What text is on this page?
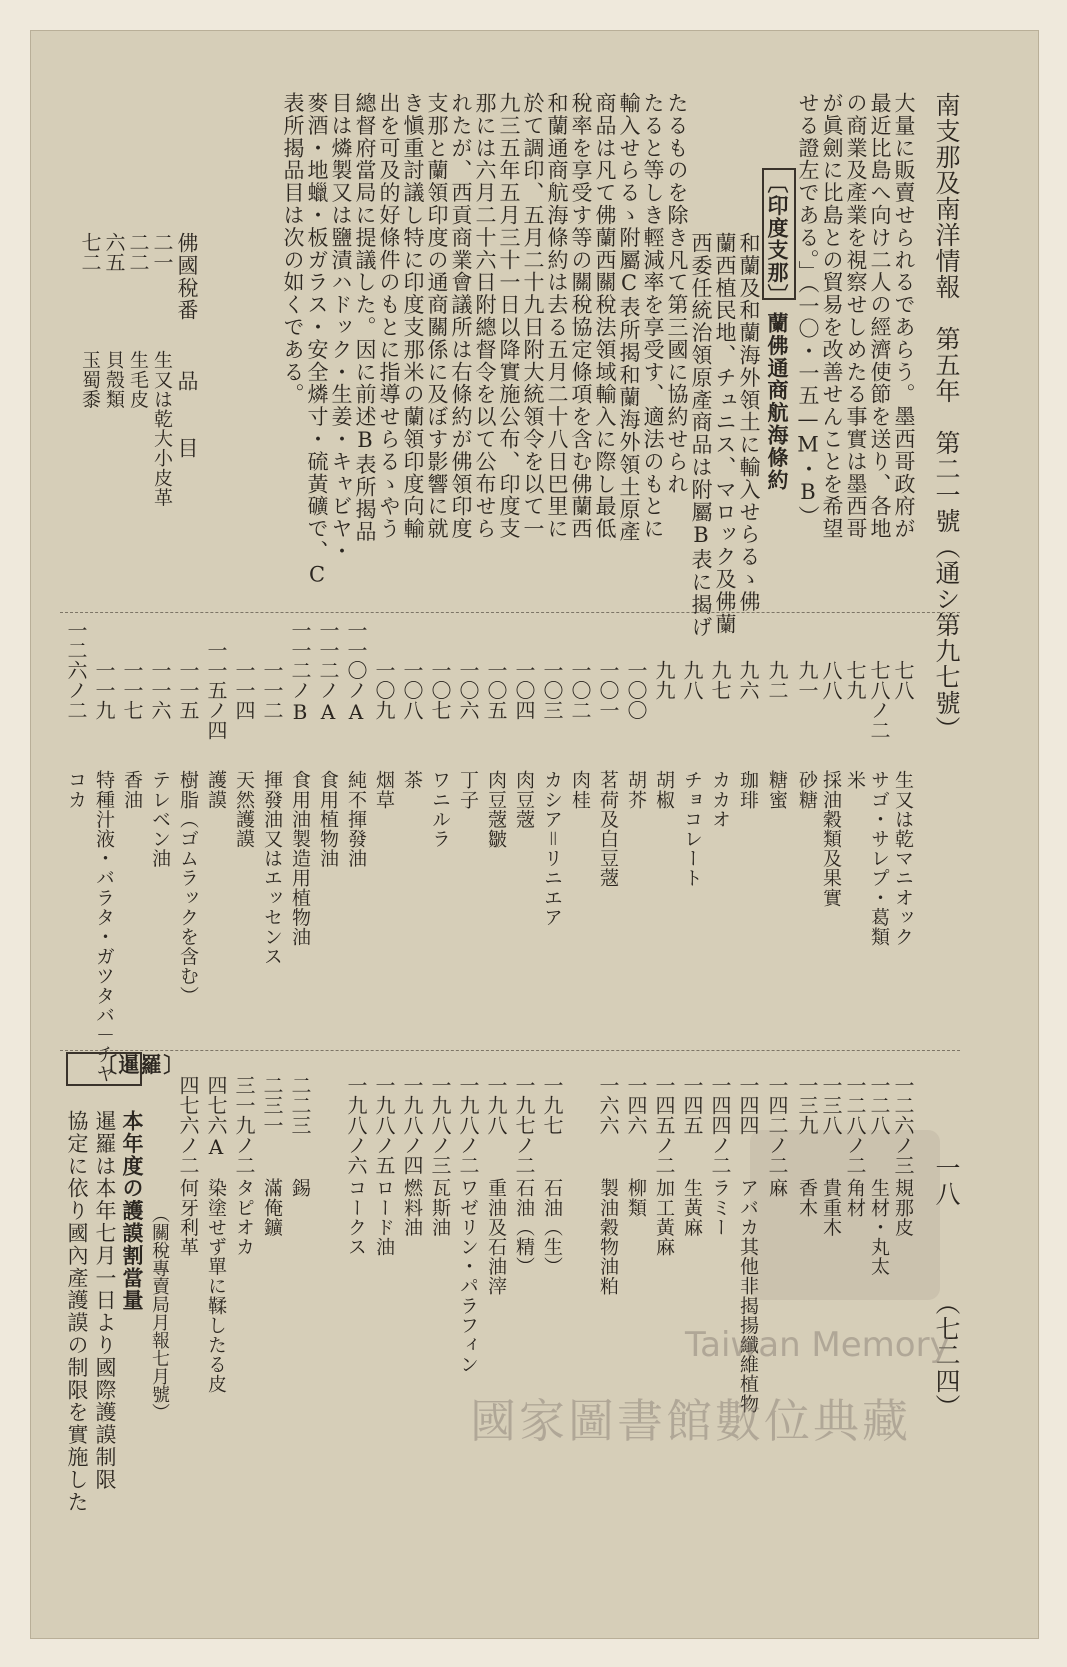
南支那及南洋情報　第五年　第二一號（通シ第九七號）
一八
（七二四）
大量に販賣せられるであらう。墨西哥政府が
最近比島へ向け二人の經濟使節を送り、各地
の商業及產業を視察せしめたる事實は墨西哥
が眞劍に比島との貿易を改善せんことを希望
せる證左である。」（一〇・一五—M・B）
〔印度支那〕
蘭佛通商航海條約
和蘭及和蘭海外領土に輸入せらるゝ佛
蘭西植民地、チュニス、マロック及佛蘭
西委任統治領原產商品は附屬B表に揭げ
たるものを除き凡て第三國に協約せられ
たると等しき輕減率を享受す、適法のもとに
輸入せらるゝ附屬C表所揭和蘭海外領土原產
商品は凡て佛蘭西關稅法領域輸入に際し最低
稅率を享受す等の關稅協定條項を含む佛蘭西
和蘭通商航海條約は去る五月二十八日巴里に
於て調印、五月二十九日附大統領令を以て一
九三五年五月三十一日以降實施公布、印度支
那には六月二十六日附總督令を以て公布せら
れたが、西貢商業會議所は右條約が佛領印度
支那と蘭領印度の通商關係に及ぼす影響に就
き愼重討議し特に印度支那米の蘭領印度向輸
出を可及的好條件のもとに指導せらるゝやう
總督府當局に提議した。因に前述B表所揭品
目は燐製又は鹽漬ハドック・生姜・キャビヤ・
麥酒・地蠟・板ガラス・安全燐寸・硫黃礦で、C
表所揭品目は次の如くである。
佛國稅番
品　　目
二一
生又は乾大小皮革
二二
生毛皮
六五
貝殼類
七二
玉蜀黍
七八
生又は乾マニオック
七八ノ二
サゴ・サレプ・葛類
七九
米
八八
採油穀類及果實
九一
砂糖
九二
糖蜜
九六
珈琲
九七
カカオ
九八
チョコレート
九九
胡椒
一〇〇
胡芥
一〇一
茗荷及白豆蔲
一〇二
肉桂
一〇三
カシア＝リニエア
一〇四
肉豆蔲
一〇五
肉豆蔲皺
一〇六
丁子
一〇七
ワニルラ
一〇八
茶
一〇九
烟草
一一〇ノA
純不揮發油
一一二ノA
食用植物油
一一二ノB
食用油製造用植物油
一一二
揮發油又はエッセンス
一一四
天然護謨
一一五ノ四
護謨
一一五
樹脂（ゴムラックを含む）
一一六
テレベン油
一一七
香油
一一九
特種汁液・バラタ・ガツタバ－チヤ
一二六ノ二
コカ
一二六ノ三
規那皮
一二八
生材・丸太
一二八ノ二
角材
一三八
貴重木
一三九
香木
一四二ノ二
麻
一四四
アバカ其他非揭揚纖維植物
一四四ノ二
ラミー
一四五
生黃麻
一四五ノ二
加工黃麻
一四六
柳類
一六六
製油穀物油粕
一九七
石油（生）
一九七ノ二
石油（精）
一九八
重油及石油滓
一九八ノ二
ワゼリン・パラフィン
一九八ノ三
瓦斯油
一九八ノ四
燃料油
一九八ノ五
ロード油
一九八ノ六
コークス
二二三
錫
二三一
滿俺鑛
三一九ノ二
タピオカ
四七六A
染塗せず單に鞣したる皮
四七六ノ二
何牙利革
（關稅專賣局月報七月號）
〔暹羅〕
本年度の護謨割當量
暹羅は本年七月一日より國際護謨制限
協定に依り國內產護謨の制限を實施した	Taiwan Memory
國家圖書館數位典藏
